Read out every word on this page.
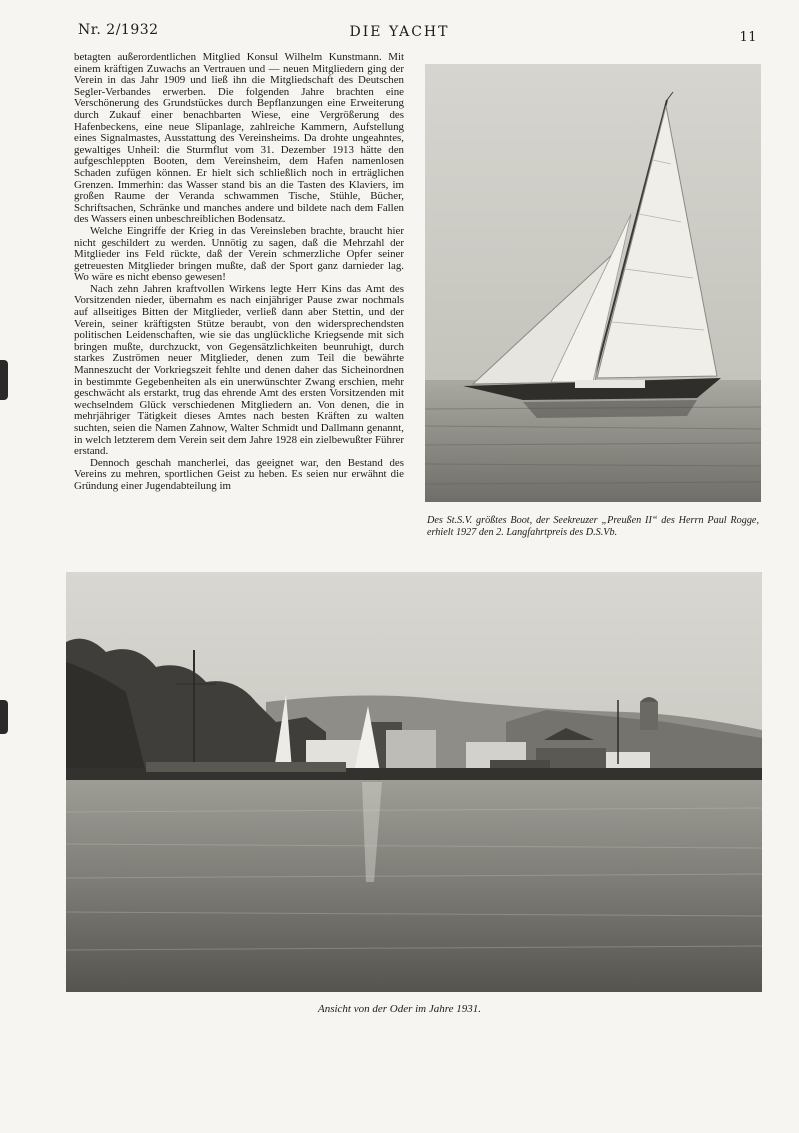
Nr. 2/1932	DIE YACHT	11

betagten außerordentlichen Mitglied Konsul Wilhelm Kunstmann. Mit einem kräftigen Zuwachs an Vertrauen und — neuen Mitgliedern ging der Verein in das Jahr 1909 und ließ ihn die Mitgliedschaft des Deutschen Segler-Verbandes erwerben. Die folgenden Jahre brachten eine Verschönerung des Grundstückes durch Bepflanzungen eine Erweiterung durch Zukauf einer benachbarten Wiese, eine Vergrößerung des Hafenbeckens, eine neue Slipanlage, zahlreiche Kammern, Aufstellung eines Signalmastes, Ausstattung des Vereinsheims. Da drohte ungeahntes, gewaltiges Unheil: die Sturmflut vom 31. Dezember 1913 hätte den aufgeschleppten Booten, dem Vereinsheim, dem Hafen namenlosen Schaden zufügen können. Er hielt sich schließlich noch in erträglichen Grenzen. Immerhin: das Wasser stand bis an die Tasten des Klaviers, im großen Raume der Veranda schwammen Tische, Stühle, Bücher, Schriftsachen, Schränke und manches andere und bildete nach dem Fallen des Wassers einen unbeschreiblichen Bodensatz.

Welche Eingriffe der Krieg in das Vereinsleben brachte, braucht hier nicht geschildert zu werden. Unnötig zu sagen, daß die Mehrzahl der Mitglieder ins Feld rückte, daß der Verein schmerzliche Opfer seiner getreuesten Mitglieder bringen mußte, daß der Sport ganz darnieder lag. Wo wäre es nicht ebenso gewesen!

Nach zehn Jahren kraftvollen Wirkens legte Herr Kins das Amt des Vorsitzenden nieder, übernahm es nach einjähriger Pause zwar nochmals auf allseitiges Bitten der Mitglieder, verließ dann aber Stettin, und der Verein, seiner kräftigsten Stütze beraubt, von den widersprechendsten politischen Leidenschaften, wie sie das unglückliche Kriegsende mit sich bringen mußte, durchzuckt, von Gegensätzlichkeiten beunruhigt, durch starkes Zuströmen neuer Mitglieder, denen zum Teil die bewährte Manneszucht der Vorkriegszeit fehlte und denen daher das Sicheinordnen in bestimmte Gegebenheiten als ein unerwünschter Zwang erschien, mehr geschwächt als erstarkt, trug das ehrende Amt des ersten Vorsitzenden mit wechselndem Glück verschiedenen Mitgliedern an. Von denen, die in mehrjähriger Tätigkeit dieses Amtes nach besten Kräften zu walten suchten, seien die Namen Zahnow, Walter Schmidt und Dallmann genannt, in welch letzterem dem Verein seit dem Jahre 1928 ein zielbewußter Führer erstand.

Dennoch geschah mancherlei, das geeignet war, den Bestand des Vereins zu mehren, sportlichen Geist zu heben. Es seien nur erwähnt die Gründung einer Jugendabteilung im

Des St.S.V. größtes Boot, der Seekreuzer „Preußen II“ des Herrn Paul Rogge, erhielt 1927 den 2. Langfahrtpreis des D.S.Vb.
Ansicht von der Oder im Jahre 1931.
